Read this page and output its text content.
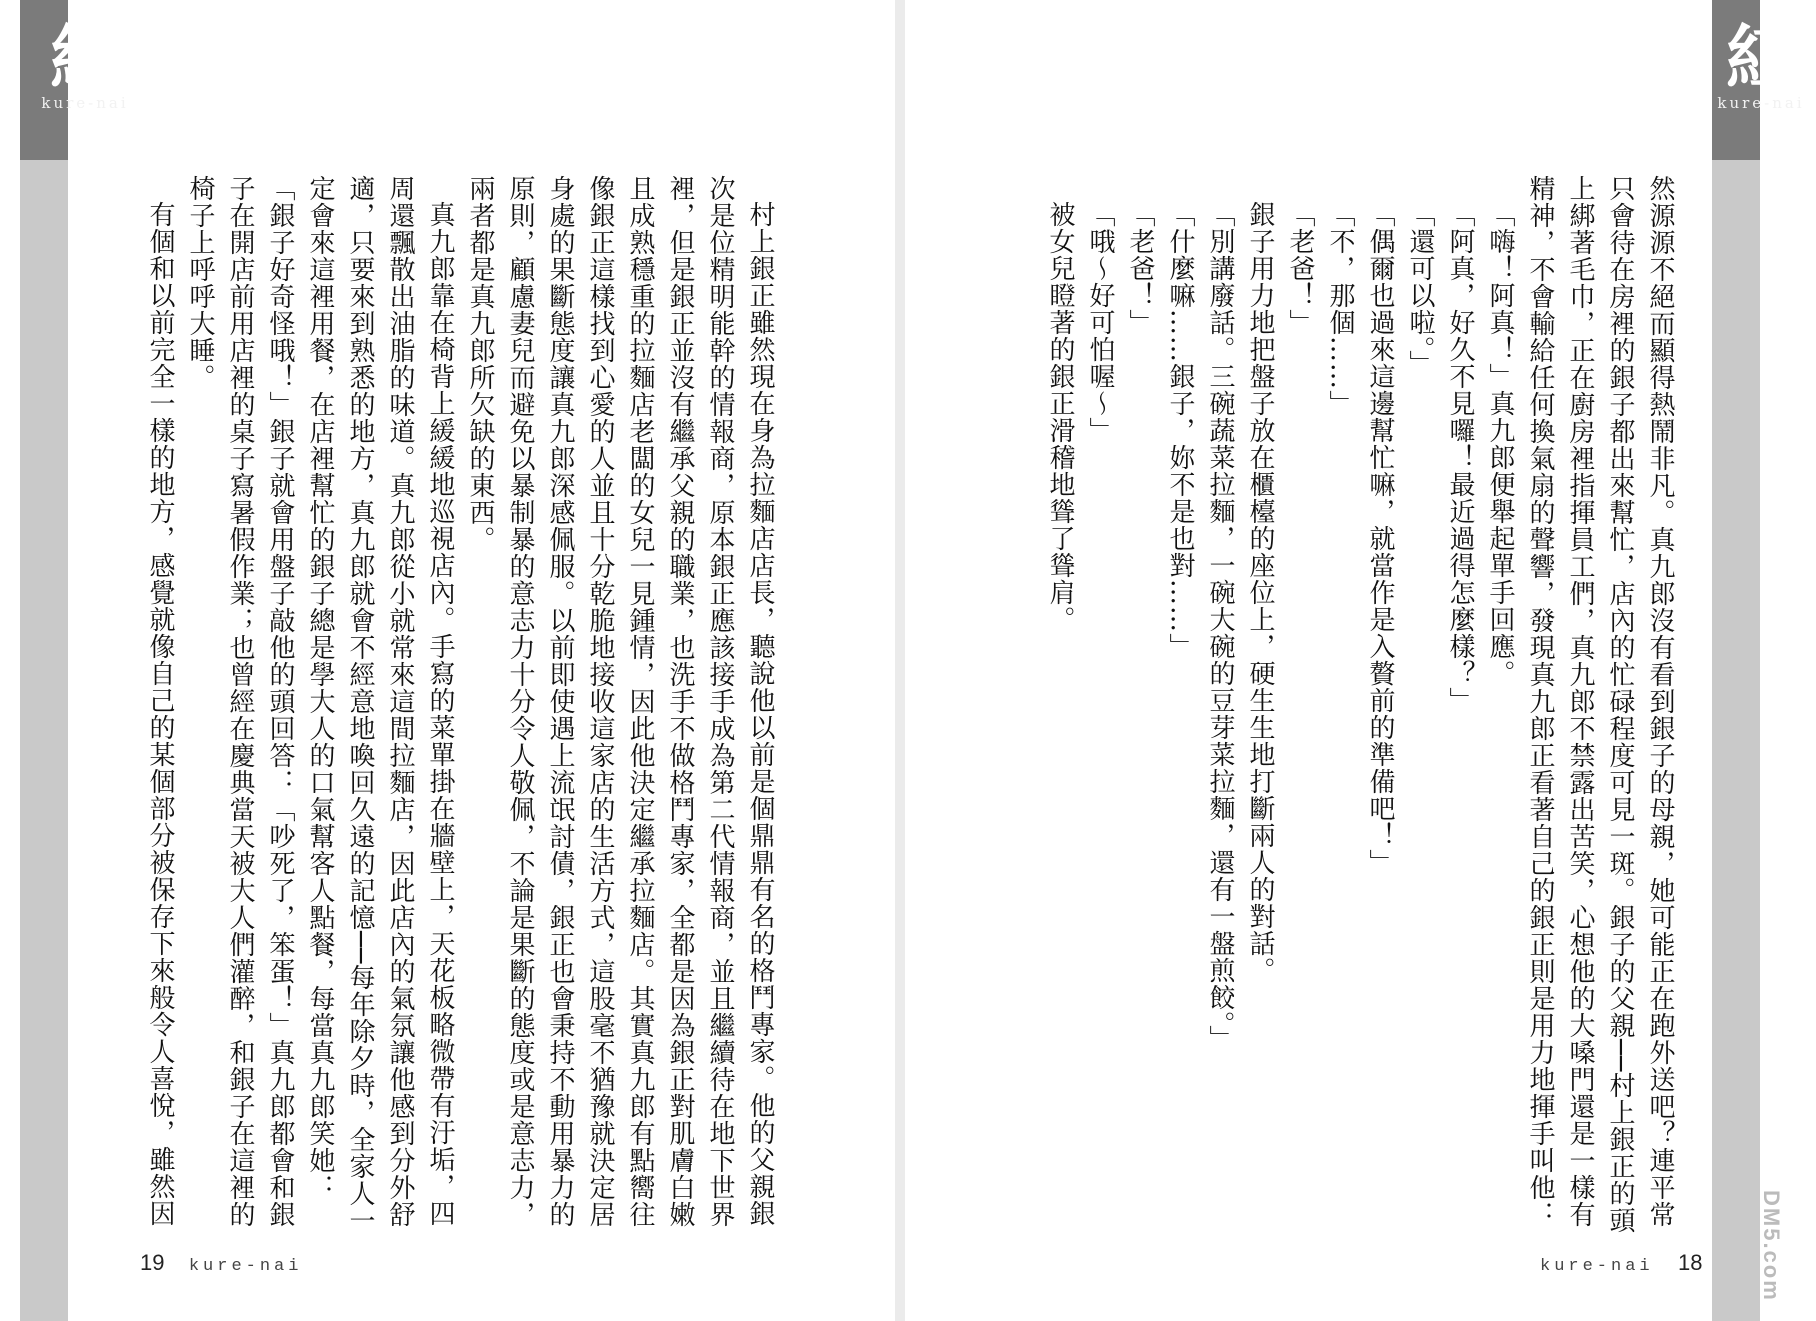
紅
kure-nai
紅
kure-nai

然源源不絕而顯得熱鬧非凡。真九郎沒有看到銀子的母親，她可能正在跑外送吧？連平常只會待在房裡的銀子都出來幫忙，店內的忙碌程度可見一斑。銀子的父親──村上銀正的頭上綁著毛巾，正在廚房裡指揮員工們，真九郎不禁露出苦笑，心想他的大嗓門還是一樣有精神，不會輸給任何換氣扇的聲響，發現真九郎正看著自己的銀正則是用力地揮手叫他：

「嗨！阿真！」真九郎便舉起單手回應。

「阿真，好久不見囉！最近過得怎麼樣？」

「還可以啦。」

「偶爾也過來這邊幫忙嘛，就當作是入贅前的準備吧！」

「不，那個……」

「老爸！」

銀子用力地把盤子放在櫃檯的座位上，硬生生地打斷兩人的對話。

「別講廢話。三碗蔬菜拉麵，一碗大碗的豆芽菜拉麵，還有一盤煎餃。」

「什麼嘛……銀子，妳不是也對……」

「老爸！」

「哦～好可怕喔～」

被女兒瞪著的銀正滑稽地聳了聳肩。

村上銀正雖然現在身為拉麵店店長，聽說他以前是個鼎鼎有名的格鬥專家。他的父親銀次是位精明能幹的情報商，原本銀正應該接手成為第二代情報商，並且繼續待在地下世界裡，但是銀正並沒有繼承父親的職業，也洗手不做格鬥專家，全都是因為銀正對肌膚白嫩且成熟穩重的拉麵店老闆的女兒一見鍾情，因此他決定繼承拉麵店。其實真九郎有點嚮往像銀正這樣找到心愛的人並且十分乾脆地接收這家店的生活方式，這股毫不猶豫就決定居身處的果斷態度讓真九郎深感佩服。以前即使遇上流氓討債，銀正也會秉持不動用暴力的原則，顧慮妻兒而避免以暴制暴的意志力十分令人敬佩，不論是果斷的態度或是意志力，兩者都是真九郎所欠缺的東西。

真九郎靠在椅背上緩緩地巡視店內。手寫的菜單掛在牆壁上，天花板略微帶有汙垢，四周還飄散出油脂的味道。真九郎從小就常來這間拉麵店，因此店內的氣氛讓他感到分外舒適，只要來到熟悉的地方，真九郎就會不經意地喚回久遠的記憶──每年除夕時，全家人一定會來這裡用餐，在店裡幫忙的銀子總是學大人的口氣幫客人點餐，每當真九郎笑她：「銀子好奇怪哦！」銀子就會用盤子敲他的頭回答：「吵死了，笨蛋！」真九郎都會和銀子在開店前用店裡的桌子寫暑假作業；也曾經在慶典當天被大人們灌醉，和銀子在這裡的椅子上呼呼大睡。

有個和以前完全一樣的地方，感覺就像自己的某個部分被保存下來般令人喜悅，雖然因

19 kure-nai	kure-nai 18	DM5.com
